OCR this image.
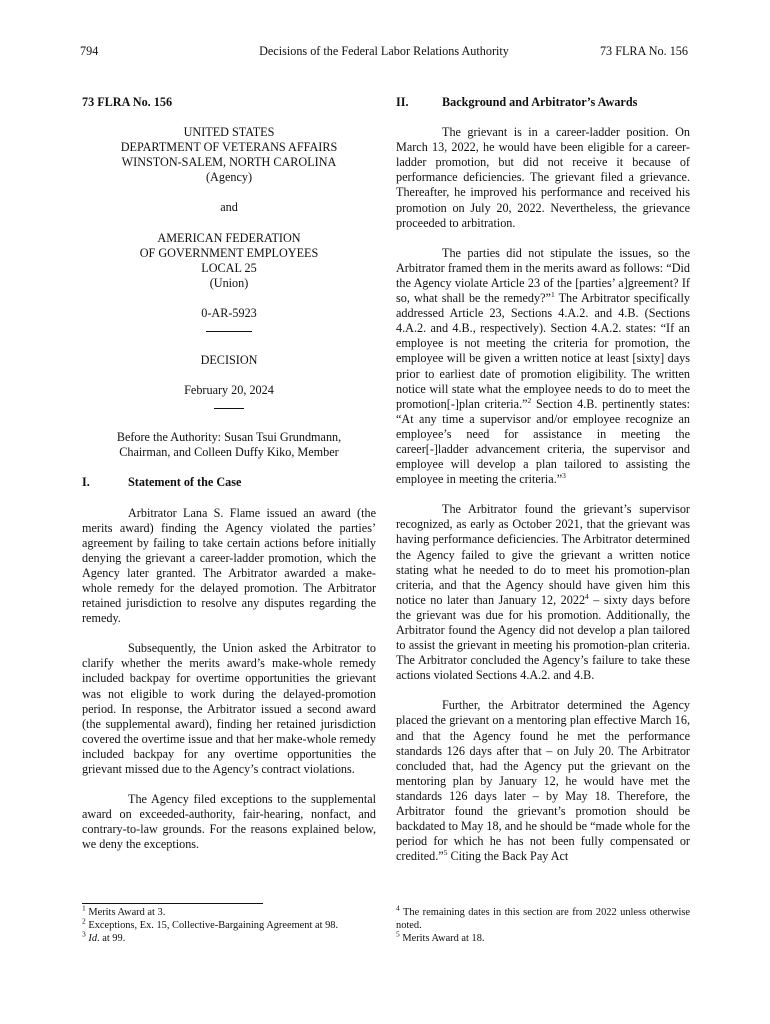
794	Decisions of the Federal Labor Relations Authority	73 FLRA No. 156
73 FLRA No. 156
UNITED STATES
DEPARTMENT OF VETERANS AFFAIRS
WINSTON-SALEM, NORTH CAROLINA
(Agency)
and
AMERICAN FEDERATION
OF GOVERNMENT EMPLOYEES
LOCAL 25
(Union)
0-AR-5923
DECISION
February 20, 2024
Before the Authority: Susan Tsui Grundmann, Chairman, and Colleen Duffy Kiko, Member
I.	Statement of the Case

Arbitrator Lana S. Flame issued an award (the merits award) finding the Agency violated the parties’ agreement by failing to take certain actions before initially denying the grievant a career-ladder promotion, which the Agency later granted. The Arbitrator awarded a make-whole remedy for the delayed promotion. The Arbitrator retained jurisdiction to resolve any disputes regarding the remedy.

Subsequently, the Union asked the Arbitrator to clarify whether the merits award’s make-whole remedy included backpay for overtime opportunities the grievant was not eligible to work during the delayed-promotion period. In response, the Arbitrator issued a second award (the supplemental award), finding her retained jurisdiction covered the overtime issue and that her make-whole remedy included backpay for any overtime opportunities the grievant missed due to the Agency’s contract violations.

The Agency filed exceptions to the supplemental award on exceeded-authority, fair-hearing, nonfact, and contrary-to-law grounds. For the reasons explained below, we deny the exceptions.

II.	Background and Arbitrator’s Awards

The grievant is in a career-ladder position. On March 13, 2022, he would have been eligible for a career-ladder promotion, but did not receive it because of performance deficiencies. The grievant filed a grievance. Thereafter, he improved his performance and received his promotion on July 20, 2022. Nevertheless, the grievance proceeded to arbitration.

The parties did not stipulate the issues, so the Arbitrator framed them in the merits award as follows: “Did the Agency violate Article 23 of the [parties’ a]greement? If so, what shall be the remedy?”$^1$ The Arbitrator specifically addressed Article 23, Sections 4.A.2. and 4.B. (Sections 4.A.2. and 4.B., respectively). Section 4.A.2. states: “If an employee is not meeting the criteria for promotion, the employee will be given a written notice at least [sixty] days prior to earliest date of promotion eligibility. The written notice will state what the employee needs to do to meet the promotion[-]plan criteria.”$^2$ Section 4.B. pertinently states: “At any time a supervisor and/or employee recognize an employee’s need for assistance in meeting the career[-]ladder advancement criteria, the supervisor and employee will develop a plan tailored to assisting the employee in meeting the criteria.”$^3$

The Arbitrator found the grievant’s supervisor recognized, as early as October 2021, that the grievant was having performance deficiencies. The Arbitrator determined the Agency failed to give the grievant a written notice stating what he needed to do to meet his promotion-plan criteria, and that the Agency should have given him this notice no later than January 12, 2022$^4$ – sixty days before the grievant was due for his promotion. Additionally, the Arbitrator found the Agency did not develop a plan tailored to assist the grievant in meeting his promotion-plan criteria. The Arbitrator concluded the Agency’s failure to take these actions violated Sections 4.A.2. and 4.B.

Further, the Arbitrator determined the Agency placed the grievant on a mentoring plan effective March 16, and that the Agency found he met the performance standards 126 days after that – on July 20. The Arbitrator concluded that, had the Agency put the grievant on the mentoring plan by January 12, he would have met the standards 126 days later – by May 18. Therefore, the Arbitrator found the grievant’s promotion should be backdated to May 18, and he should be “made whole for the period for which he has not been fully compensated or credited.”$^5$ Citing the Back Pay Act

$^1$ Merits Award at 3.

$^2$ Exceptions, Ex. 15, Collective-Bargaining Agreement at 98.

$^3$ Id. at 99.

$^4$ The remaining dates in this section are from 2022 unless otherwise noted.

$^5$ Merits Award at 18.
